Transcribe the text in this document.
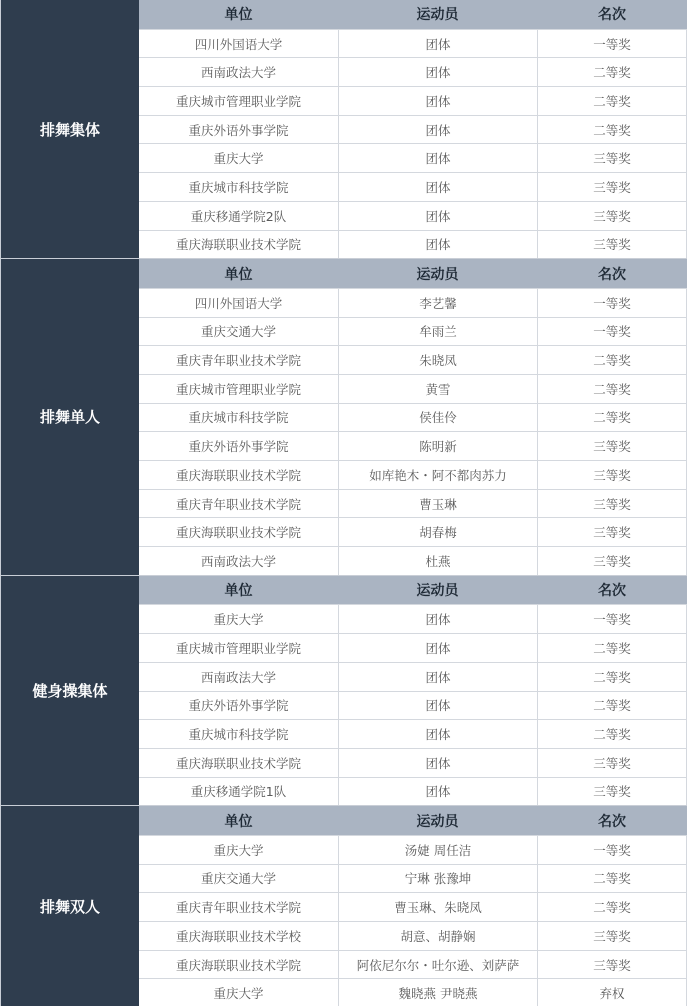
排舞集体
单位	运动员	名次
四川外国语大学	团体	一等奖
西南政法大学	团体	二等奖
重庆城市管理职业学院	团体	二等奖
重庆外语外事学院	团体	二等奖
重庆大学	团体	三等奖
重庆城市科技学院	团体	三等奖
重庆移通学院2队	团体	三等奖
重庆海联职业技术学院	团体	三等奖
排舞单人
单位	运动员	名次
四川外国语大学	李艺馨	一等奖
重庆交通大学	牟雨兰	一等奖
重庆青年职业技术学院	朱晓凤	二等奖
重庆城市管理职业学院	黄雪	二等奖
重庆城市科技学院	侯佳伶	二等奖
重庆外语外事学院	陈明新	三等奖
重庆海联职业技术学院	如库艳木・阿不都肉苏力	三等奖
重庆青年职业技术学院	曹玉琳	三等奖
重庆海联职业技术学院	胡春梅	三等奖
西南政法大学	杜燕	三等奖
健身操集体
单位	运动员	名次
重庆大学	团体	一等奖
重庆城市管理职业学院	团体	二等奖
西南政法大学	团体	二等奖
重庆外语外事学院	团体	二等奖
重庆城市科技学院	团体	二等奖
重庆海联职业技术学院	团体	三等奖
重庆移通学院1队	团体	三等奖
排舞双人
单位	运动员	名次
重庆大学	汤婕 周任洁	一等奖
重庆交通大学	宁琳 张豫坤	二等奖
重庆青年职业技术学院	曹玉琳、朱晓凤	二等奖
重庆海联职业技术学校	胡意、胡静娴	三等奖
重庆海联职业技术学院	阿依尼尔尔・吐尔逊、刘萨萨	三等奖
重庆大学	魏晓燕 尹晓燕	弃权
